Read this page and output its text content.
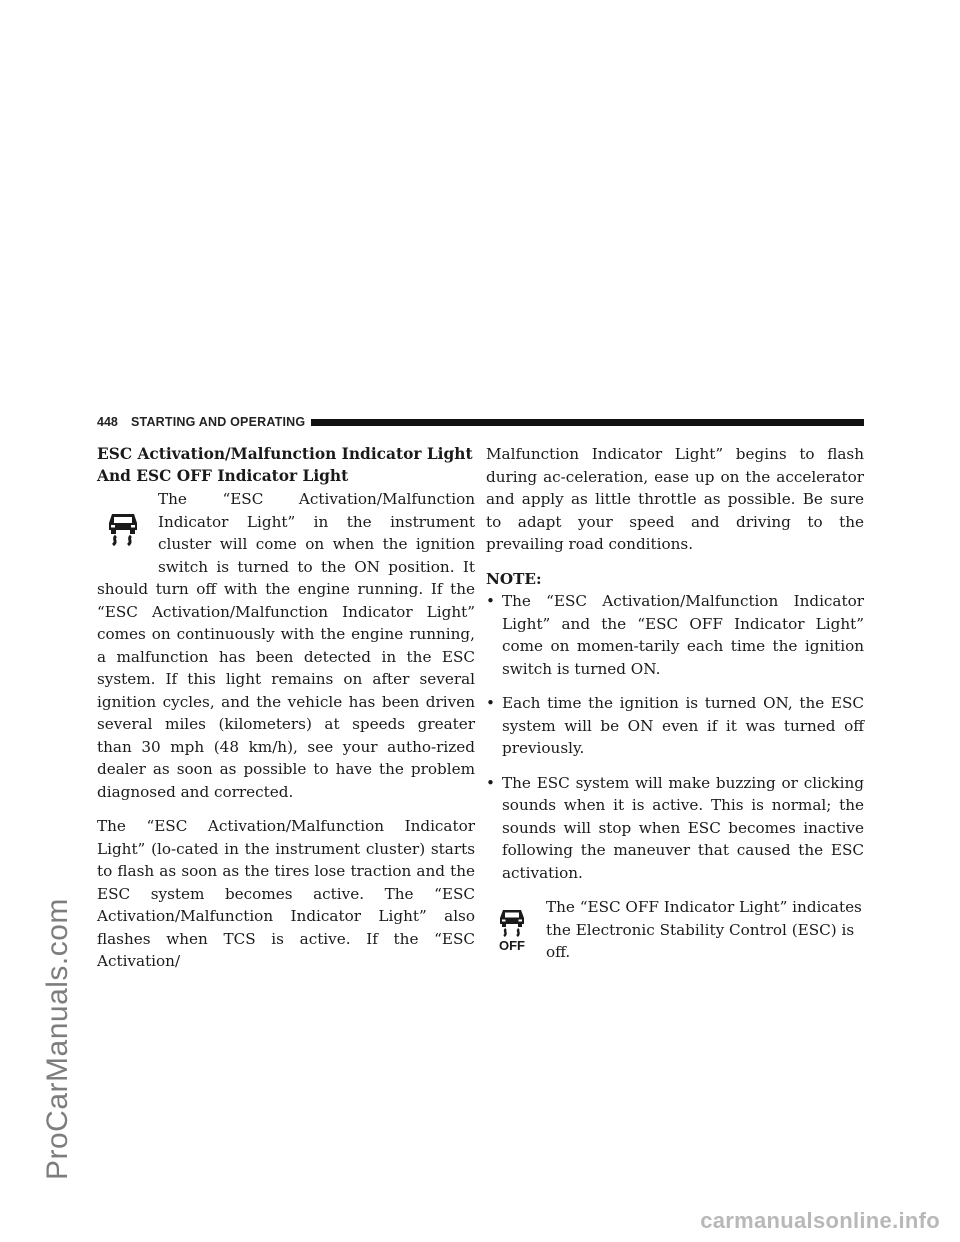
448 STARTING AND OPERATING
ESC Activation/Malfunction Indicator Light And ESC OFF Indicator Light

The “ESC Activation/Malfunction Indicator Light” in the instrument cluster will come on when the ignition switch is turned to the ON position. It should turn off with the engine running. If the “ESC Activation/Malfunction Indicator Light” comes on continuously with the engine running, a malfunction has been detected in the ESC system. If this light remains on after several ignition cycles, and the vehicle has been driven several miles (kilometers) at speeds greater than 30 mph (48 km/h), see your autho-rized dealer as soon as possible to have the problem diagnosed and corrected.

The “ESC Activation/Malfunction Indicator Light” (lo-cated in the instrument cluster) starts to flash as soon as the tires lose traction and the ESC system becomes active. The “ESC Activation/Malfunction Indicator Light” also flashes when TCS is active. If the “ESC Activation/

Malfunction Indicator Light” begins to flash during ac-celeration, ease up on the accelerator and apply as little throttle as possible. Be sure to adapt your speed and driving to the prevailing road conditions.

NOTE:
• The “ESC Activation/Malfunction Indicator Light” and the “ESC OFF Indicator Light” come on momen-tarily each time the ignition switch is turned ON.
• Each time the ignition is turned ON, the ESC system will be ON even if it was turned off previously.
• The ESC system will make buzzing or clicking sounds when it is active. This is normal; the sounds will stop when ESC becomes inactive following the maneuver that caused the ESC activation.
OFF

The “ESC OFF Indicator Light” indicates the Electronic Stability Control (ESC) is off.

ProCarManuals.com
carmanualsonline.info
